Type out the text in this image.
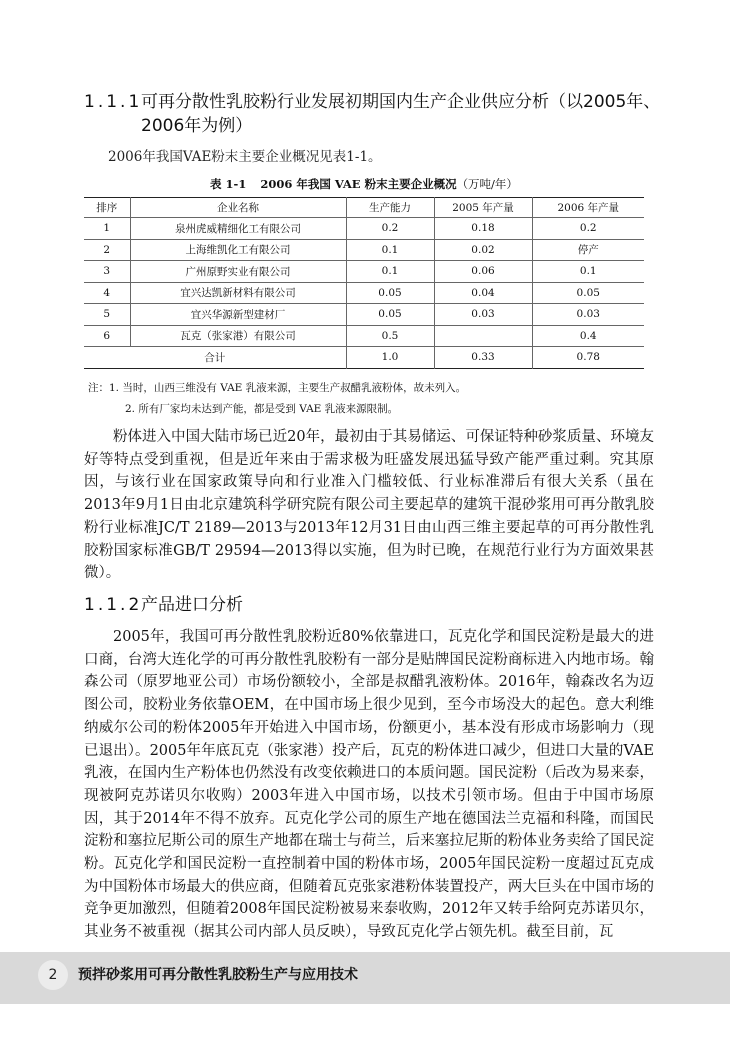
1.1.1
可再分散性乳胶粉行业发展初期国内生产企业供应分析（以2005年、2006年为例）
2006年我国VAE粉末主要企业概况见表1-1。
表 1-1 2006 年我国 VAE 粉末主要企业概况（万吨/年）
排序	企业名称	生产能力	2005 年产量	2006 年产量
1	泉州虎威精细化工有限公司	0.2	0.18	0.2
2	上海维凯化工有限公司	0.1	0.02	停产
3	广州原野实业有限公司	0.1	0.06	0.1
4	宜兴达凯新材料有限公司	0.05	0.04	0.05
5	宜兴华源新型建材厂	0.05	0.03	0.03
6	瓦克（张家港）有限公司	0.5		0.4
合计		1.0	0.33	0.78
注：1. 当时，山西三维没有 VAE 乳液来源，主要生产叔醋乳液粉体，故未列入。
2. 所有厂家均未达到产能，都是受到 VAE 乳液来源限制。
粉体进入中国大陆市场已近20年，最初由于其易储运、可保证特种砂浆质量、环境友好等特点受到重视，但是近年来由于需求极为旺盛发展迅猛导致产能严重过剩。究其原因，与该行业在国家政策导向和行业准入门槛较低、行业标准滞后有很大关系（虽在2013年9月1日由北京建筑科学研究院有限公司主要起草的建筑干混砂浆用可再分散乳胶粉行业标准JC/T 2189—2013与2013年12月31日由山西三维主要起草的可再分散性乳胶粉国家标准GB/T 29594—2013得以实施，但为时已晚，在规范行业行为方面效果甚微）。
1.1.2
产品进口分析
2005年，我国可再分散性乳胶粉近80%依靠进口，瓦克化学和国民淀粉是最大的进口商，台湾大连化学的可再分散性乳胶粉有一部分是贴牌国民淀粉商标进入内地市场。翰森公司（原罗地亚公司）市场份额较小，全部是叔醋乳液粉体。2016年，翰森改名为迈图公司，胶粉业务依靠OEM，在中国市场上很少见到，至今市场没大的起色。意大利维纳威尔公司的粉体2005年开始进入中国市场，份额更小，基本没有形成市场影响力（现已退出）。2005年年底瓦克（张家港）投产后，瓦克的粉体进口减少，但进口大量的VAE乳液，在国内生产粉体也仍然没有改变依赖进口的本质问题。国民淀粉（后改为易来泰，现被阿克苏诺贝尔收购）2003年进入中国市场，以技术引领市场。但由于中国市场原因，其于2014年不得不放弃。瓦克化学公司的原生产地在德国法兰克福和科隆，而国民淀粉和塞拉尼斯公司的原生产地都在瑞士与荷兰，后来塞拉尼斯的粉体业务卖给了国民淀粉。瓦克化学和国民淀粉一直控制着中国的粉体市场，2005年国民淀粉一度超过瓦克成为中国粉体市场最大的供应商，但随着瓦克张家港粉体装置投产，两大巨头在中国市场的竞争更加激烈，但随着2008年国民淀粉被易来泰收购，2012年又转手给阿克苏诺贝尔，其业务不被重视（据其公司内部人员反映），导致瓦克化学占领先机。截至目前，瓦
2	预拌砂浆用可再分散性乳胶粉生产与应用技术
